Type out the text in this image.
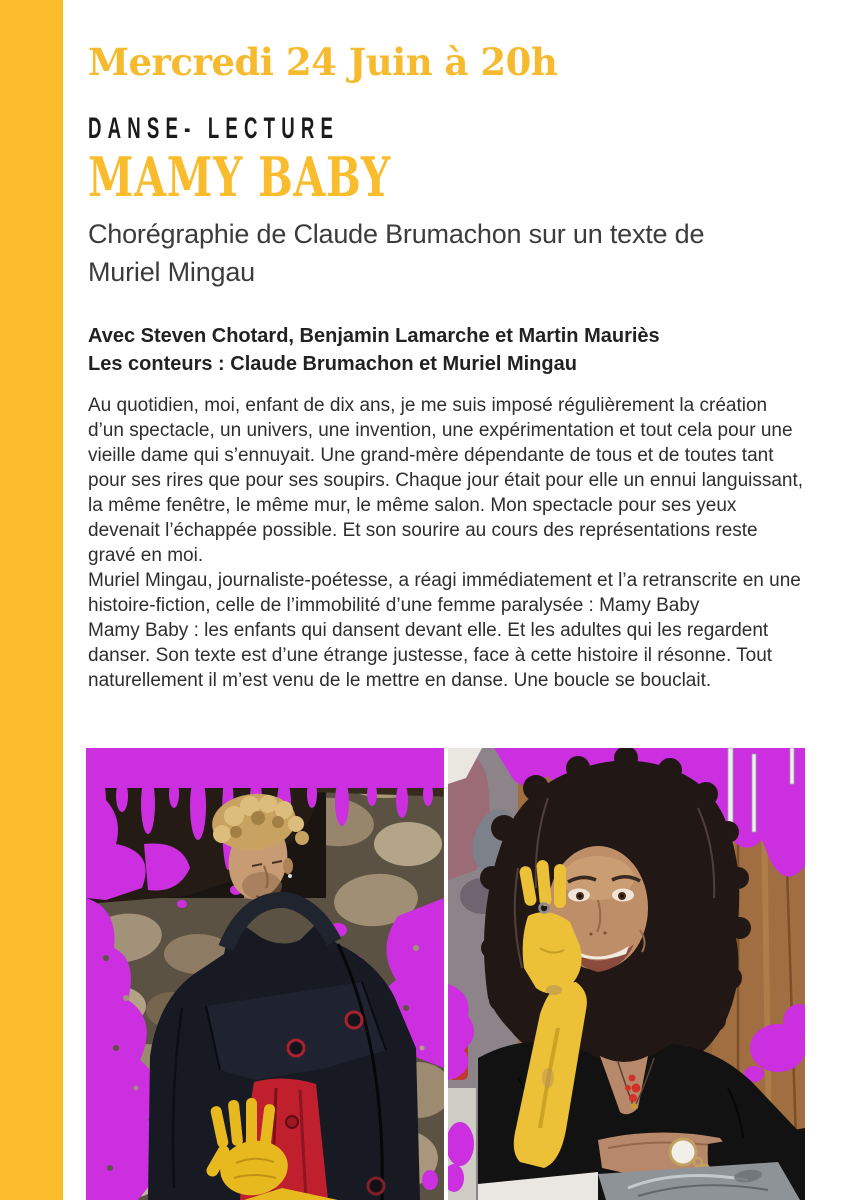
Mercredi 24 Juin à 20h
DANSE- LECTURE
MAMY BABY
Chorégraphie de Claude Brumachon sur un texte de Muriel Mingau

Avec Steven Chotard, Benjamin Lamarche et Martin Mauriès

Les conteurs : Claude Brumachon et Muriel Mingau

Au quotidien, moi, enfant de dix ans, je me suis imposé régulièrement la création d’un spectacle, un univers, une invention, une expérimentation et tout cela pour une vieille dame qui s’ennuyait. Une grand-mère dépendante de tous et de toutes tant pour ses rires que pour ses soupirs. Chaque jour était pour elle un ennui languissant, la même fenêtre, le même mur, le même salon. Mon spectacle pour ses yeux devenait l’échappée possible. Et son sourire au cours des représentations reste gravé en moi.

Muriel Mingau, journaliste-poétesse, a réagi immédiatement et l’a retranscrite en une histoire-fiction, celle de l’immobilité d’une femme paralysée : Mamy Baby

Mamy Baby : les enfants qui dansent devant elle. Et les adultes qui les regardent danser. Son texte est d’une étrange justesse, face à cette histoire il résonne. Tout naturellement il m’est venu de le mettre en danse. Une boucle se bouclait.
